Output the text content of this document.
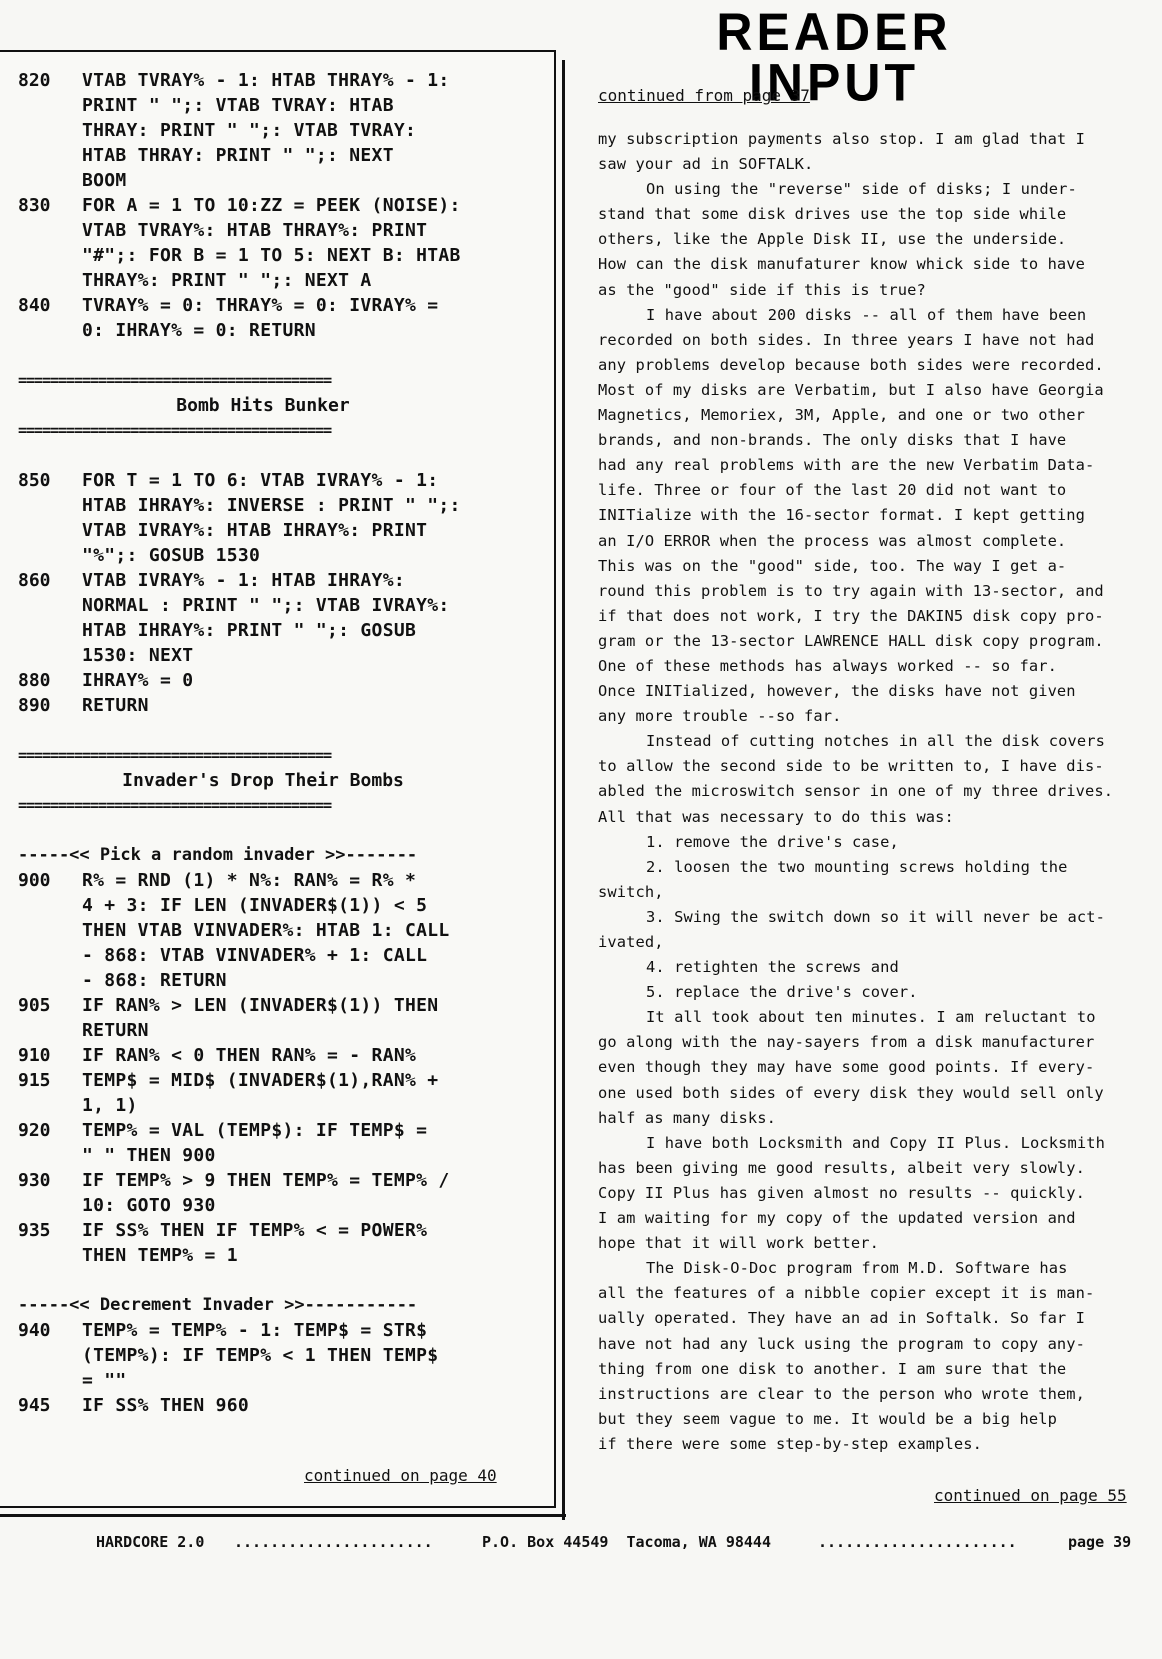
820	VTAB TVRAY% - 1: HTAB THRAY% - 1:
PRINT " ";: VTAB TVRAY: HTAB
THRAY: PRINT " ";: VTAB TVRAY:
HTAB THRAY: PRINT " ";: NEXT
BOOM
830	FOR A = 1 TO 10:ZZ = PEEK (NOISE):
VTAB TVRAY%: HTAB THRAY%: PRINT
"#";: FOR B = 1 TO 5: NEXT B: HTAB
THRAY%: PRINT " ";: NEXT A
840	TVRAY% = 0: THRAY% = 0: IVRAY% =
0: IHRAY% = 0: RETURN
=======================================
Bomb Hits Bunker
=======================================
850	FOR T = 1 TO 6: VTAB IVRAY% - 1:
HTAB IHRAY%: INVERSE : PRINT " ";:
VTAB IVRAY%: HTAB IHRAY%: PRINT
"%";: GOSUB 1530
860	VTAB IVRAY% - 1: HTAB IHRAY%:
NORMAL : PRINT " ";: VTAB IVRAY%:
HTAB IHRAY%: PRINT " ";: GOSUB
1530: NEXT
880	IHRAY% = 0
890	RETURN
=======================================
Invader's Drop Their Bombs
=======================================
-----<< Pick a random invader >>-------
900	R% = RND (1) * N%: RAN% = R% *
4 + 3: IF LEN (INVADER$(1)) < 5
THEN VTAB VINVADER%: HTAB 1: CALL
- 868: VTAB VINVADER% + 1: CALL
- 868: RETURN
905	IF RAN% > LEN (INVADER$(1)) THEN
RETURN
910	IF RAN% < 0 THEN RAN% = - RAN%
915	TEMP$ = MID$ (INVADER$(1),RAN% +
1, 1)
920	TEMP% = VAL (TEMP$): IF TEMP$ =
" " THEN 900
930	IF TEMP% > 9 THEN TEMP% = TEMP% /
10: GOTO 930
935	IF SS% THEN IF TEMP% < = POWER%
THEN TEMP% = 1
-----<< Decrement Invader >>-----------
940	TEMP% = TEMP% - 1: TEMP$ = STR$
(TEMP%): IF TEMP% < 1 THEN TEMP$
= ""
945	IF SS% THEN 960
continued on page 40
READER INPUT
continued from page 37

my subscription payments also stop. I am glad that I
saw your ad in SOFTALK.

On using the "reverse" side of disks; I under-
stand that some disk drives use the top side while
others, like the Apple Disk II, use the underside.
How can the disk manufaturer know whick side to have
as the "good" side if this is true?

I have about 200 disks -- all of them have been
recorded on both sides. In three years I have not had
any problems develop because both sides were recorded.
Most of my disks are Verbatim, but I also have Georgia
Magnetics, Memoriex, 3M, Apple, and one or two other
brands, and non-brands. The only disks that I have
had any real problems with are the new Verbatim Data-
life. Three or four of the last 20 did not want to
INITialize with the 16-sector format. I kept getting
an I/O ERROR when the process was almost complete.
This was on the "good" side, too. The way I get a-
round this problem is to try again with 13-sector, and
if that does not work, I try the DAKIN5 disk copy pro-
gram or the 13-sector LAWRENCE HALL disk copy program.
One of these methods has always worked -- so far.
Once INITialized, however, the disks have not given
any more trouble --so far.

Instead of cutting notches in all the disk covers
to allow the second side to be written to, I have dis-
abled the microswitch sensor in one of my three drives.
All that was necessary to do this was:

1. remove the drive's case,

2. loosen the two mounting screws holding the
switch,

3. Swing the switch down so it will never be act-
ivated,

4. retighten the screws and

5. replace the drive's cover.

It all took about ten minutes. I am reluctant to
go along with the nay-sayers from a disk manufacturer
even though they may have some good points. If every-
one used both sides of every disk they would sell only
half as many disks.

I have both Locksmith and Copy II Plus. Locksmith
has been giving me good results, albeit very slowly.
Copy II Plus has given almost no results -- quickly.
I am waiting for my copy of the updated version and
hope that it will work better.

The Disk-O-Doc program from M.D. Software has
all the features of a nibble copier except it is man-
ually operated. They have an ad in Softalk. So far I
have not had any luck using the program to copy any-
thing from one disk to another. I am sure that the
instructions are clear to the person who wrote them,
but they seem vague to me. It would be a big help
if there were some step-by-step examples.

continued on page 55

HARDCORE 2.0

......................

	P.O. Box 44549  Tacoma, WA 98444

	......................

	page 39
